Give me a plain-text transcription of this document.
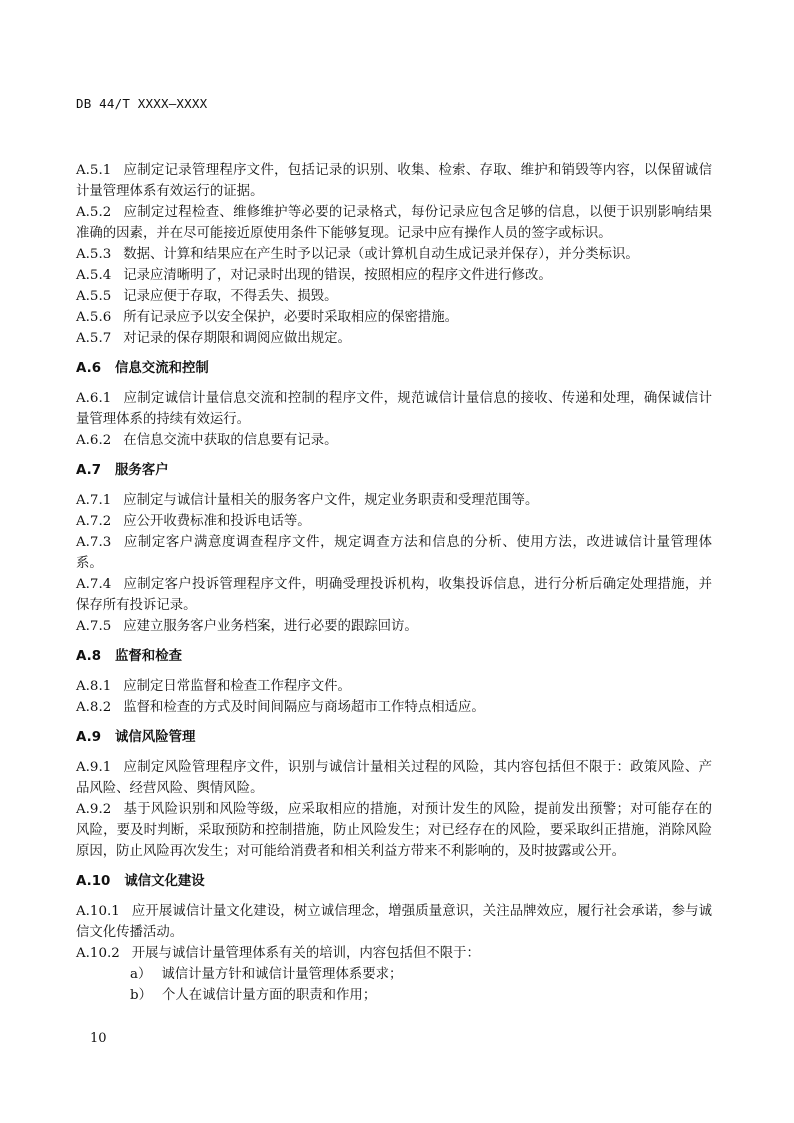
DB 44/T XXXX—XXXX

A.5.1 应制定记录管理程序文件，包括记录的识别、收集、检索、存取、维护和销毁等内容，以保留诚信计量管理体系有效运行的证据。

A.5.2 应制定过程检查、维修维护等必要的记录格式，每份记录应包含足够的信息，以便于识别影响结果准确的因素，并在尽可能接近原使用条件下能够复现。记录中应有操作人员的签字或标识。

A.5.3 数据、计算和结果应在产生时予以记录（或计算机自动生成记录并保存），并分类标识。

A.5.4 记录应清晰明了，对记录时出现的错误，按照相应的程序文件进行修改。

A.5.5 记录应便于存取，不得丢失、损毁。

A.5.6 所有记录应予以安全保护，必要时采取相应的保密措施。

A.5.7 对记录的保存期限和调阅应做出规定。

A.6 信息交流和控制

A.6.1 应制定诚信计量信息交流和控制的程序文件，规范诚信计量信息的接收、传递和处理，确保诚信计量管理体系的持续有效运行。

A.6.2 在信息交流中获取的信息要有记录。

A.7 服务客户

A.7.1 应制定与诚信计量相关的服务客户文件，规定业务职责和受理范围等。

A.7.2 应公开收费标准和投诉电话等。

A.7.3 应制定客户满意度调查程序文件，规定调查方法和信息的分析、使用方法，改进诚信计量管理体系。

A.7.4 应制定客户投诉管理程序文件，明确受理投诉机构，收集投诉信息，进行分析后确定处理措施，并保存所有投诉记录。

A.7.5 应建立服务客户业务档案，进行必要的跟踪回访。

A.8 监督和检查

A.8.1 应制定日常监督和检查工作程序文件。

A.8.2 监督和检查的方式及时间间隔应与商场超市工作特点相适应。

A.9 诚信风险管理

A.9.1 应制定风险管理程序文件，识别与诚信计量相关过程的风险，其内容包括但不限于：政策风险、产品风险、经营风险、舆情风险。

A.9.2 基于风险识别和风险等级，应采取相应的措施，对预计发生的风险，提前发出预警；对可能存在的风险，要及时判断，采取预防和控制措施，防止风险发生；对已经存在的风险，要采取纠正措施，消除风险原因，防止风险再次发生；对可能给消费者和相关利益方带来不利影响的，及时披露或公开。

A.10 诚信文化建设

A.10.1 应开展诚信计量文化建设，树立诚信理念，增强质量意识，关注品牌效应，履行社会承诺，参与诚信文化传播活动。

A.10.2 开展与诚信计量管理体系有关的培训，内容包括但不限于：

a） 诚信计量方针和诚信计量管理体系要求；

b） 个人在诚信计量方面的职责和作用；

10
